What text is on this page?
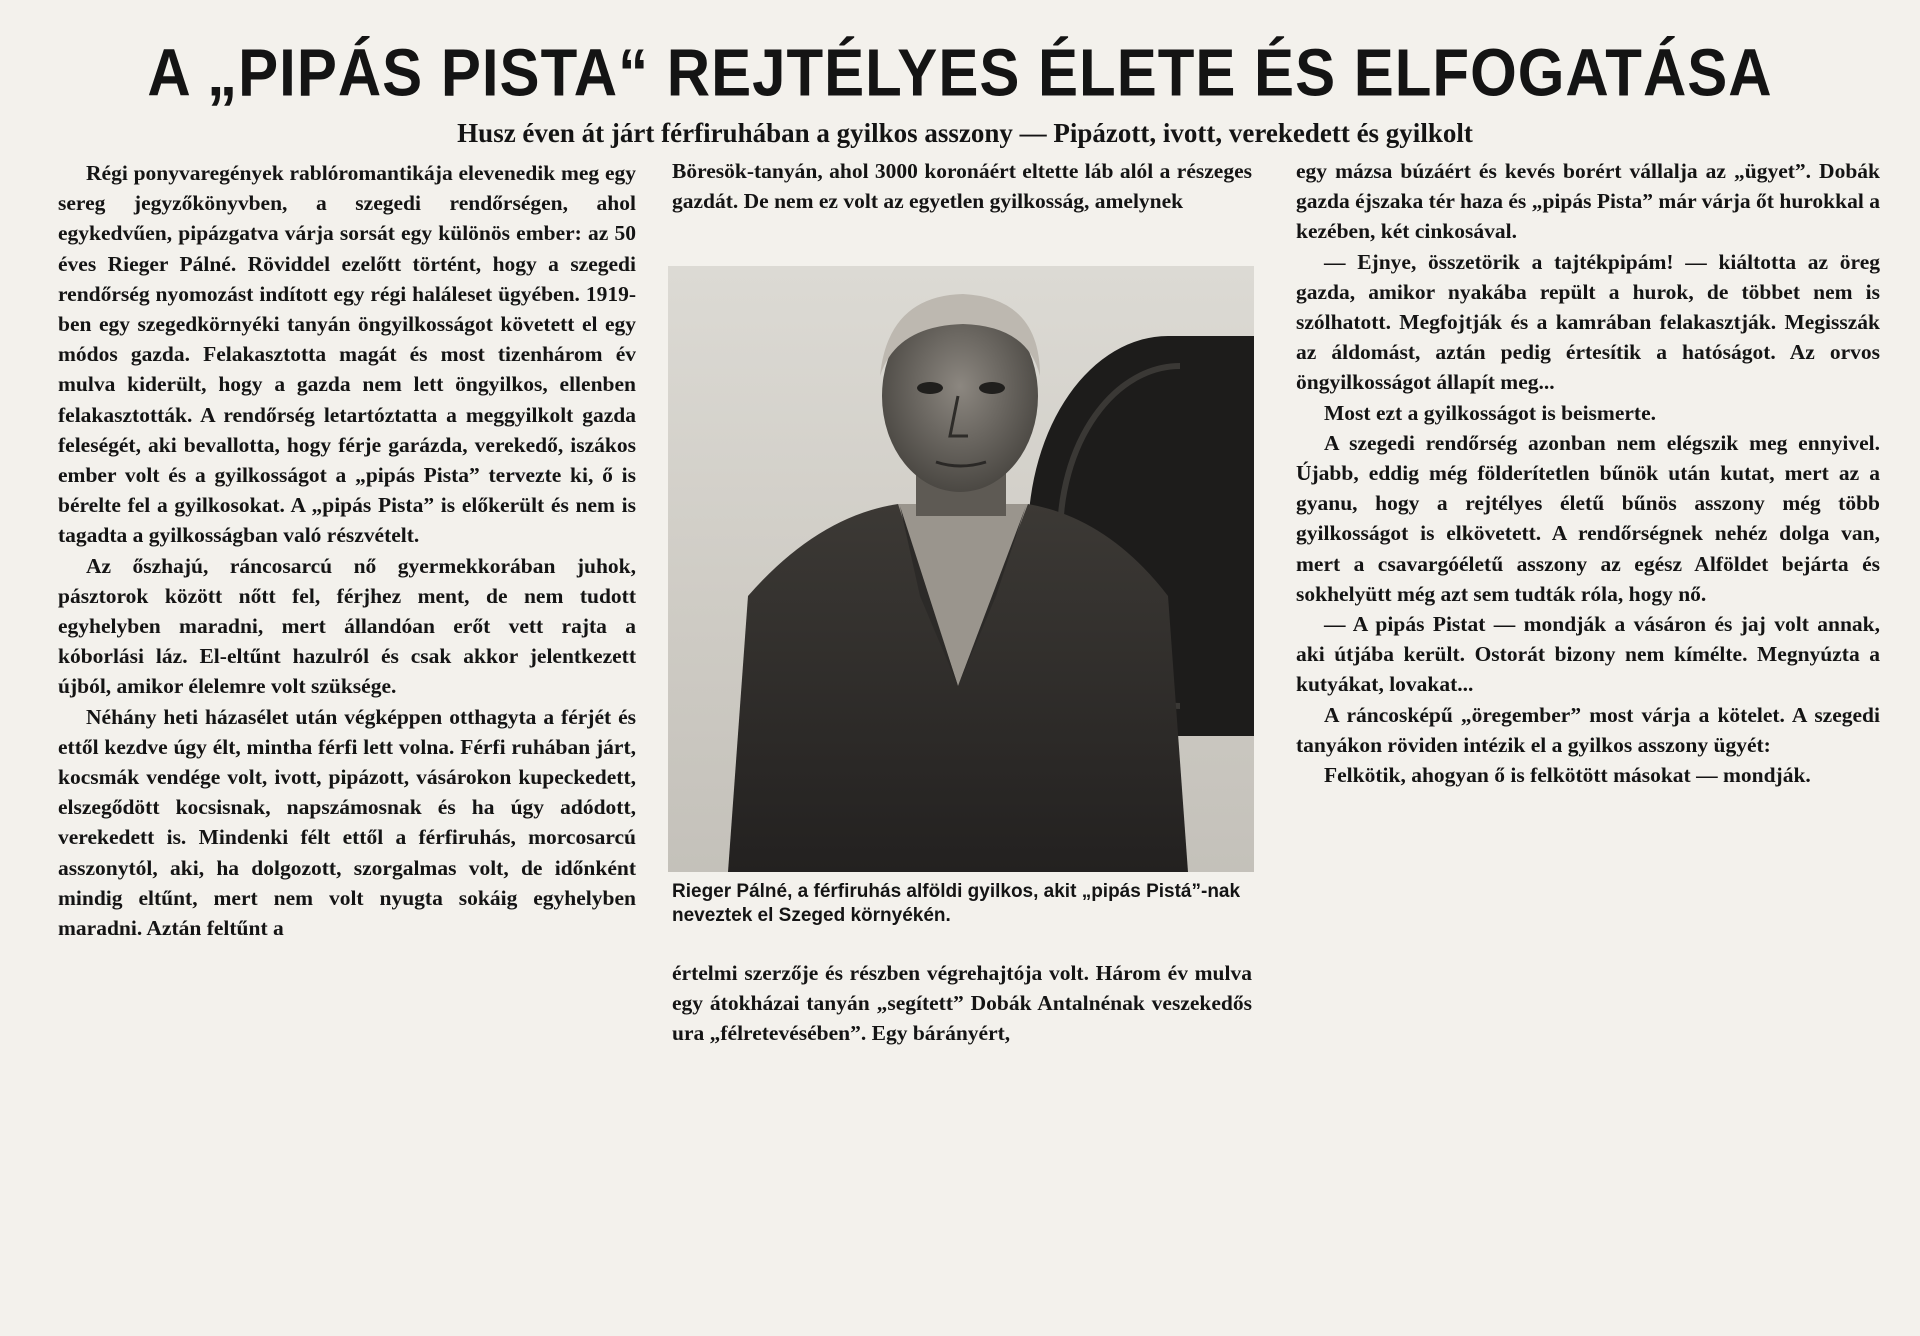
A „PIPÁS PISTA“ REJTÉLYES ÉLETE ÉS ELFOGATÁSA
Husz éven át járt férfiruhában a gyilkos asszony — Pipázott, ivott, verekedett és gyilkolt

Régi ponyvaregények rablóromantikája elevenedik meg egy sereg jegyzőkönyvben, a szegedi rendőrségen, ahol egykedvűen, pipázgatva várja sorsát egy különös ember: az 50 éves Rieger Pálné. Röviddel ezelőtt történt, hogy a szegedi rendőrség nyomozást indított egy régi haláleset ügyében. 1919-ben egy szegedkörnyéki tanyán öngyilkosságot követett el egy módos gazda. Felakasztotta magát és most tizenhárom év mulva kiderült, hogy a gazda nem lett öngyilkos, ellenben felakasztották. A rendőrség letartóztatta a meggyilkolt gazda feleségét, aki bevallotta, hogy férje garázda, verekedő, iszákos ember volt és a gyilkosságot a „pipás Pista” tervezte ki, ő is bérelte fel a gyilkosokat. A „pipás Pista” is előkerült és nem is tagadta a gyilkosságban való részvételt.

Az őszhajú, ráncosarcú nő gyermekkorában juhok, pásztorok között nőtt fel, férjhez ment, de nem tudott egyhelyben maradni, mert állandóan erőt vett rajta a kóborlási láz. El-eltűnt hazulról és csak akkor jelentkezett újból, amikor élelemre volt szüksége.

Néhány heti házasélet után végképpen otthagyta a férjét és ettől kezdve úgy élt, mintha férfi lett volna. Férfi ruhában járt, kocsmák vendége volt, ivott, pipázott, vásárokon kupeckedett, elszegődött kocsisnak, napszámosnak és ha úgy adódott, verekedett is. Mindenki félt ettől a férfiruhás, morcosarcú asszonytól, aki, ha dolgozott, szorgalmas volt, de időnként mindig eltűnt, mert nem volt nyugta sokáig egyhelyben maradni. Aztán feltűnt a

Böresök-tanyán, ahol 3000 koronáért eltette láb alól a részeges gazdát. De nem ez volt az egyetlen gyilkosság, amelynek

Rieger Pálné, a férfiruhás alföldi gyilkos, akit „pipás Pistá”-nak neveztek el Szeged környékén.

értelmi szerzője és részben végrehajtója volt. Három év mulva egy átokházai tanyán „segített” Dobák Antalnénak veszekedős ura „félretevésében”. Egy bárányért,

egy mázsa búzáért és kevés borért vállalja az „ügyet”. Dobák gazda éjszaka tér haza és „pipás Pista” már várja őt hurokkal a kezében, két cinkosával.

— Ejnye, összetörik a tajtékpipám! — kiáltotta az öreg gazda, amikor nyakába repült a hurok, de többet nem is szólhatott. Megfojtják és a kamrában felakasztják. Megisszák az áldomást, aztán pedig értesítik a hatóságot. Az orvos öngyilkosságot állapít meg...

Most ezt a gyilkosságot is beismerte.

A szegedi rendőrség azonban nem elégszik meg ennyivel. Újabb, eddig még földerítetlen bűnök után kutat, mert az a gyanu, hogy a rejtélyes életű bűnös asszony még több gyilkosságot is elkövetett. A rendőrségnek nehéz dolga van, mert a csavargóéletű asszony az egész Alföldet bejárta és sokhelyütt még azt sem tudták róla, hogy nő.

— A pipás Pistat — mondják a vásáron és jaj volt annak, aki útjába került. Ostorát bizony nem kímélte. Megnyúzta a kutyákat, lovakat...

A ráncosképű „öregember” most várja a kötelet. A szegedi tanyákon röviden intézik el a gyilkos asszony ügyét:

Felkötik, ahogyan ő is felkötött másokat — mondják.
